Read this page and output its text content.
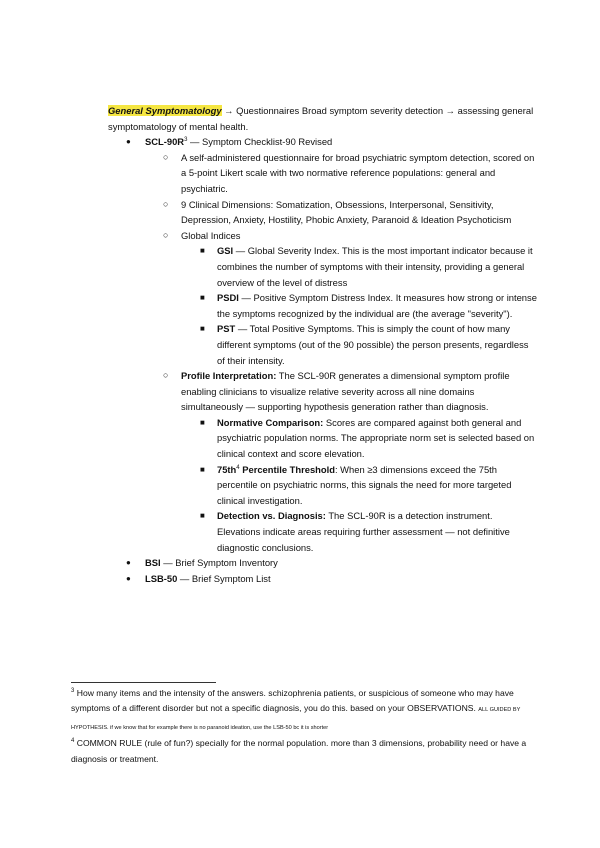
General Symptomatology → Questionnaires Broad symptom severity detection → assessing general symptomatology of mental health.
● SCL-$90R^3$ — Symptom Checklist-90 Revised
○ A self-administered questionnaire for broad psychiatric symptom detection, scored on a 5-point Likert scale with two normative reference populations: general and psychiatric.
○ 9 Clinical Dimensions: Somatization, Obsessions, Interpersonal, Sensitivity, Depression, Anxiety, Hostility, Phobic Anxiety, Paranoid & Ideation Psychoticism
○ Global Indices
■ GSI — Global Severity Index. This is the most important indicator because it combines the number of symptoms with their intensity, providing a general overview of the level of distress
■ PSDI — Positive Symptom Distress Index. It measures how strong or intense the symptoms recognized by the individual are (the average "severity").
■ PST — Total Positive Symptoms. This is simply the count of how many different symptoms (out of the 90 possible) the person presents, regardless of their intensity.
○ Profile Interpretation: The SCL-90R generates a dimensional symptom profile enabling clinicians to visualize relative severity across all nine domains simultaneously — supporting hypothesis generation rather than diagnosis.
■ Normative Comparison: Scores are compared against both general and psychiatric population norms. The appropriate norm set is selected based on clinical context and score elevation.
■ $75th^4$ Percentile Threshold: When ≥3 dimensions exceed the 75th percentile on psychiatric norms, this signals the need for more targeted clinical investigation.
■ Detection vs. Diagnosis: The SCL-90R is a detection instrument. Elevations indicate areas requiring further assessment — not definitive diagnostic conclusions.
● BSI — Brief Symptom Inventory
● LSB-50 — Brief Symptom List
$^3$ How many items and the intensity of the answers. schizophrenia patients, or suspicious of someone who may have symptoms of a different disorder but not a specific diagnosis, you do this. based on your OBSERVATIONS. ALL GUIDED BY HYPOTHESIS. if we know that for example there is no paranoid ideation, use the LSB-50 bc it is shorter
$^4$ COMMON RULE (rule of fun?) specially for the normal population. more than 3 dimensions, probability need or have a diagnosis or treatment.
